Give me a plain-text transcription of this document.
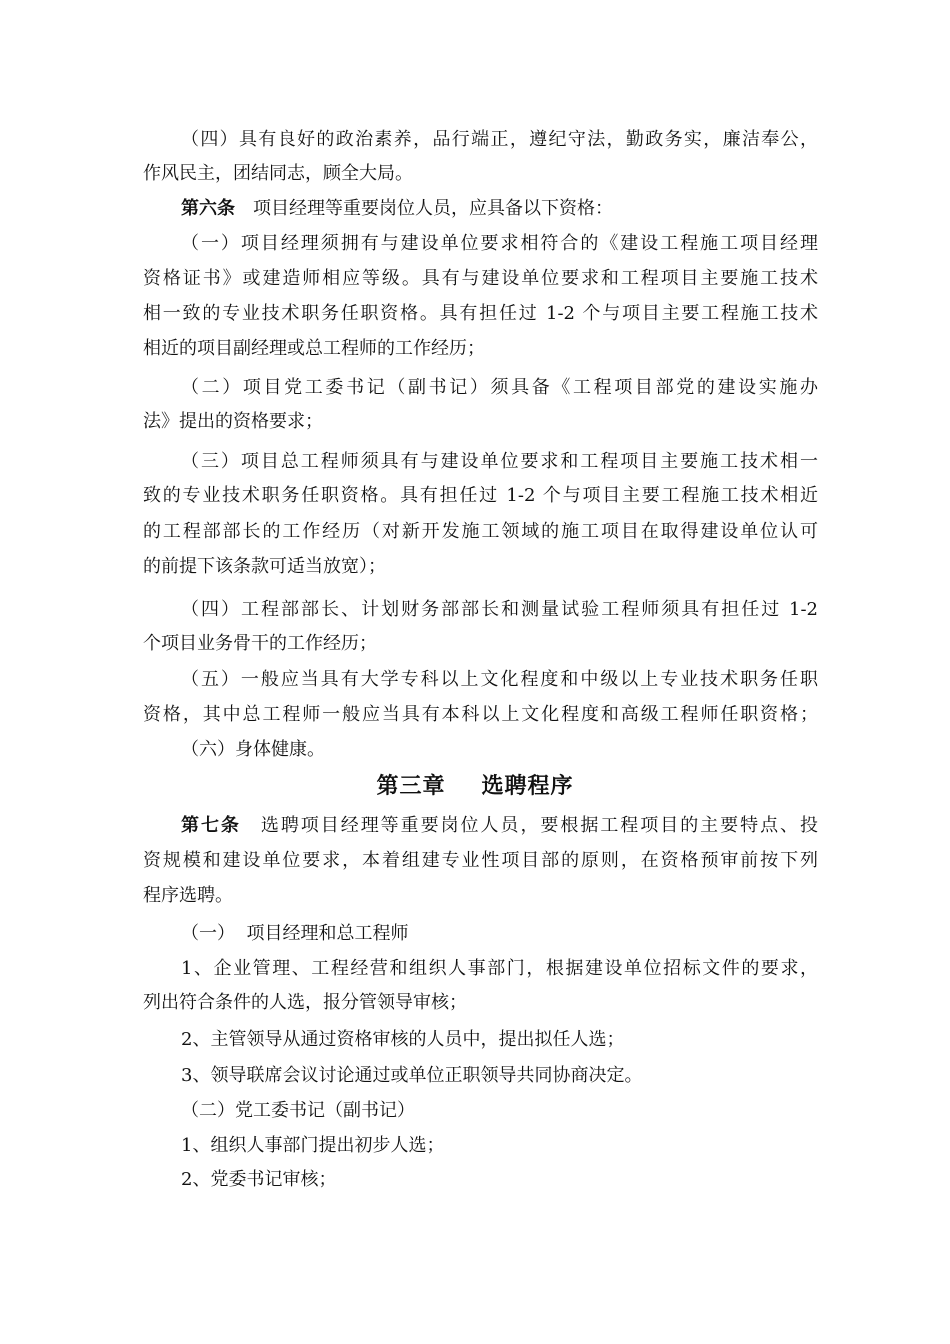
（四）具有良好的政治素养，品行端正，遵纪守法，勤政务实，廉洁奉公，
作风民主，团结同志，顾全大局。
第六条 项目经理等重要岗位人员，应具备以下资格：
（一）项目经理须拥有与建设单位要求相符合的《建设工程施工项目经理
资格证书》或建造师相应等级。具有与建设单位要求和工程项目主要施工技术
相一致的专业技术职务任职资格。具有担任过 1-2 个与项目主要工程施工技术
相近的项目副经理或总工程师的工作经历；
（二）项目党工委书记（副书记）须具备《工程项目部党的建设实施办
法》提出的资格要求；
（三）项目总工程师须具有与建设单位要求和工程项目主要施工技术相一
致的专业技术职务任职资格。具有担任过 1-2 个与项目主要工程施工技术相近
的工程部部长的工作经历（对新开发施工领域的施工项目在取得建设单位认可
的前提下该条款可适当放宽）；
（四）工程部部长、计划财务部部长和测量试验工程师须具有担任过 1-2
个项目业务骨干的工作经历；
（五）一般应当具有大学专科以上文化程度和中级以上专业技术职务任职
资格，其中总工程师一般应当具有本科以上文化程度和高级工程师任职资格；
（六）身体健康。
第三章 选聘程序
第七条 选聘项目经理等重要岗位人员，要根据工程项目的主要特点、投
资规模和建设单位要求，本着组建专业性项目部的原则，在资格预审前按下列
程序选聘。
（一）  项目经理和总工程师
1、企业管理、工程经营和组织人事部门，根据建设单位招标文件的要求，
列出符合条件的人选，报分管领导审核；
2、主管领导从通过资格审核的人员中，提出拟任人选；
3、领导联席会议讨论通过或单位正职领导共同协商决定。
（二）党工委书记（副书记）
1、组织人事部门提出初步人选；
2、党委书记审核；
